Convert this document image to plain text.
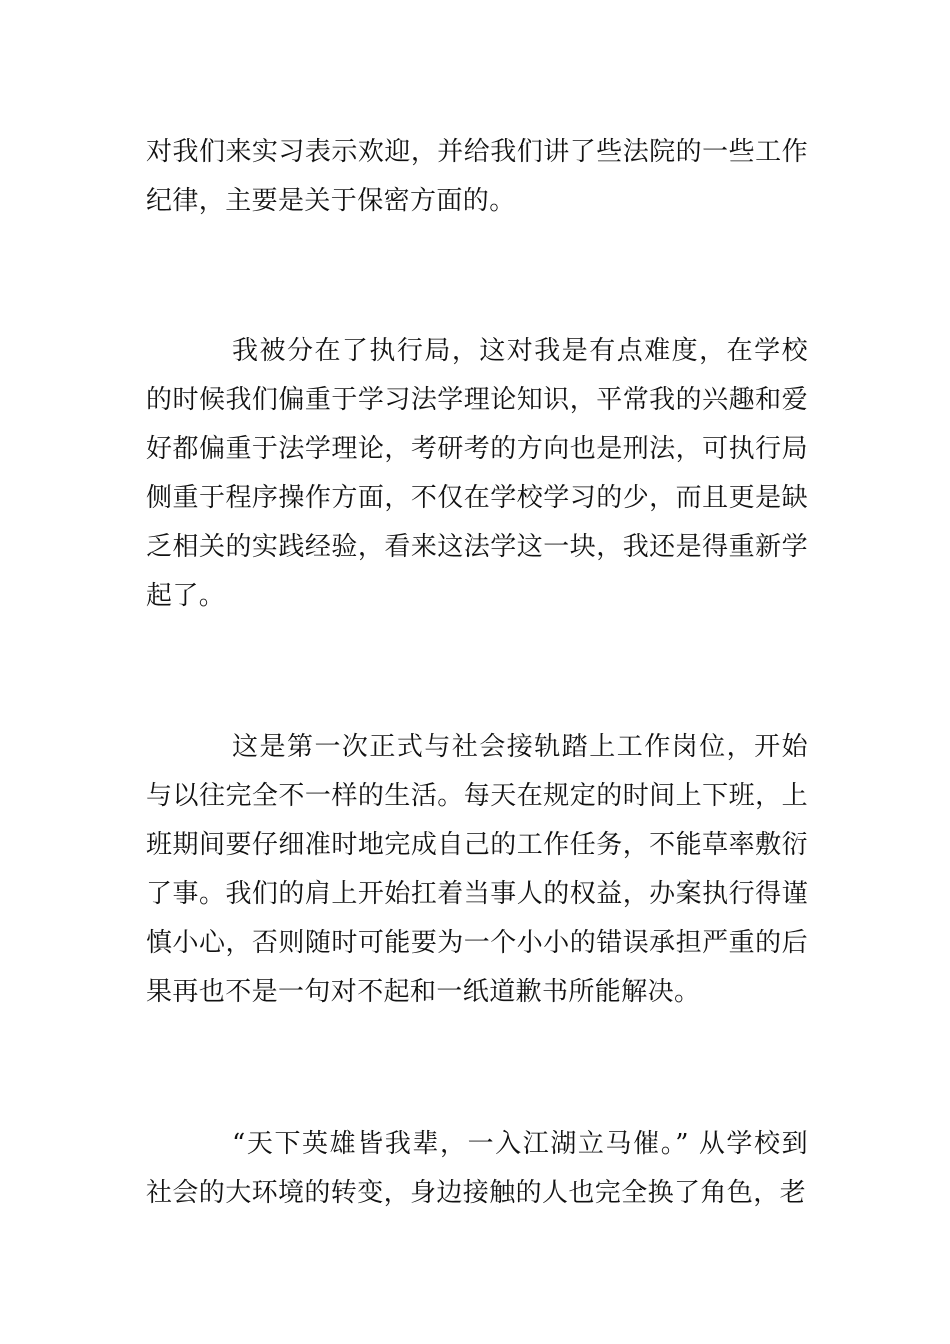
对我们来实习表示欢迎，并给我们讲了些法院的一些工作纪律，主要是关于保密方面的。

我被分在了执行局，这对我是有点难度，在学校的时候我们偏重于学习法学理论知识，平常我的兴趣和爱好都偏重于法学理论，考研考的方向也是刑法，可执行局侧重于程序操作方面，不仅在学校学习的少，而且更是缺乏相关的实践经验，看来这法学这一块，我还是得重新学起了。

这是第一次正式与社会接轨踏上工作岗位，开始与以往完全不一样的生活。每天在规定的时间上下班，上班期间要仔细准时地完成自己的工作任务，不能草率敷衍了事。我们的肩上开始扛着当事人的权益，办案执行得谨慎小心，否则随时可能要为一个小小的错误承担严重的后果再也不是一句对不起和一纸道歉书所能解决。

“天下英雄皆我辈，一入江湖立马催。” 从学校到社会的大环境的转变，身边接触的人也完全换了角色，老
